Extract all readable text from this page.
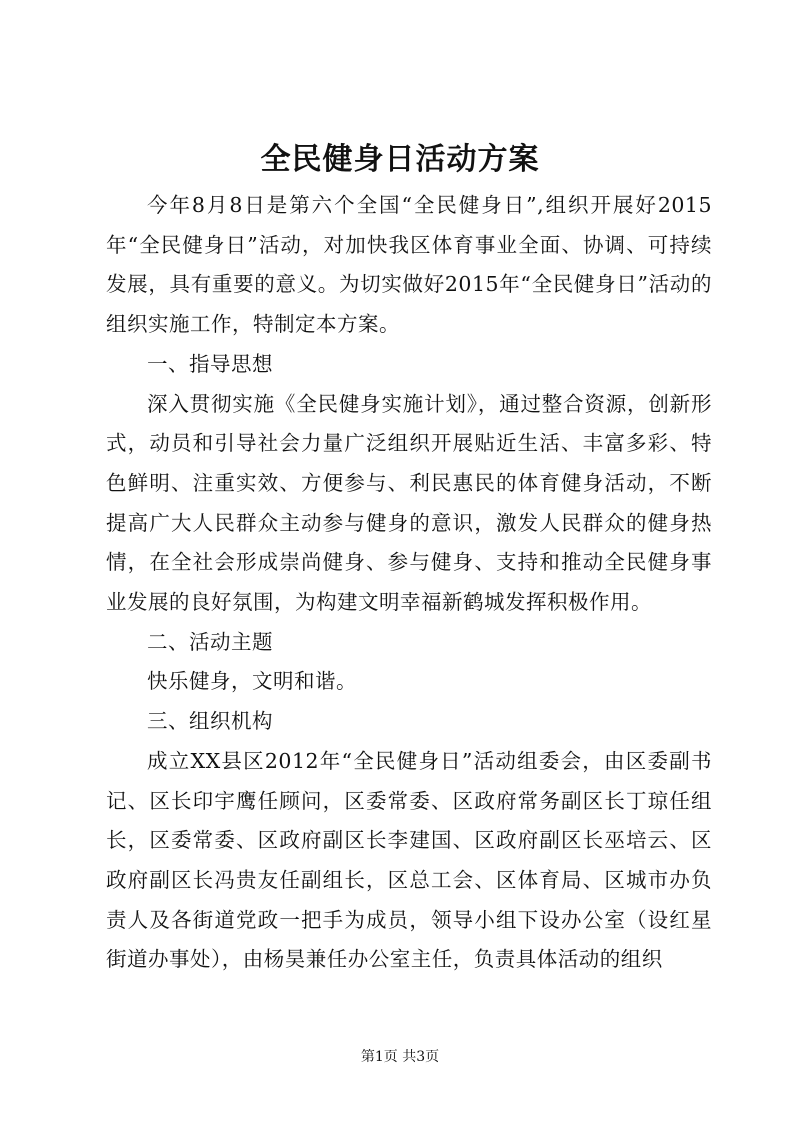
全民健身日活动方案

今年8月8日是第六个全国“全民健身日”,组织开展好2015年“全民健身日”活动，对加快我区体育事业全面、协调、可持续发展，具有重要的意义。为切实做好2015年“全民健身日”活动的组织实施工作，特制定本方案。

一、指导思想

深入贯彻实施《全民健身实施计划》，通过整合资源，创新形式，动员和引导社会力量广泛组织开展贴近生活、丰富多彩、特色鲜明、注重实效、方便参与、利民惠民的体育健身活动，不断提高广大人民群众主动参与健身的意识，激发人民群众的健身热情，在全社会形成崇尚健身、参与健身、支持和推动全民健身事业发展的良好氛围，为构建文明幸福新鹤城发挥积极作用。

二、活动主题

快乐健身，文明和谐。

三、组织机构

成立XX县区2012年“全民健身日”活动组委会，由区委副书记、区长印宇鹰任顾问，区委常委、区政府常务副区长丁琼任组长，区委常委、区政府副区长李建国、区政府副区长巫培云、区政府副区长冯贵友任副组长，区总工会、区体育局、区城市办负责人及各街道党政一把手为成员，领导小组下设办公室（设红星街道办事处），由杨昊兼任办公室主任，负责具体活动的组织

第1页 共3页
